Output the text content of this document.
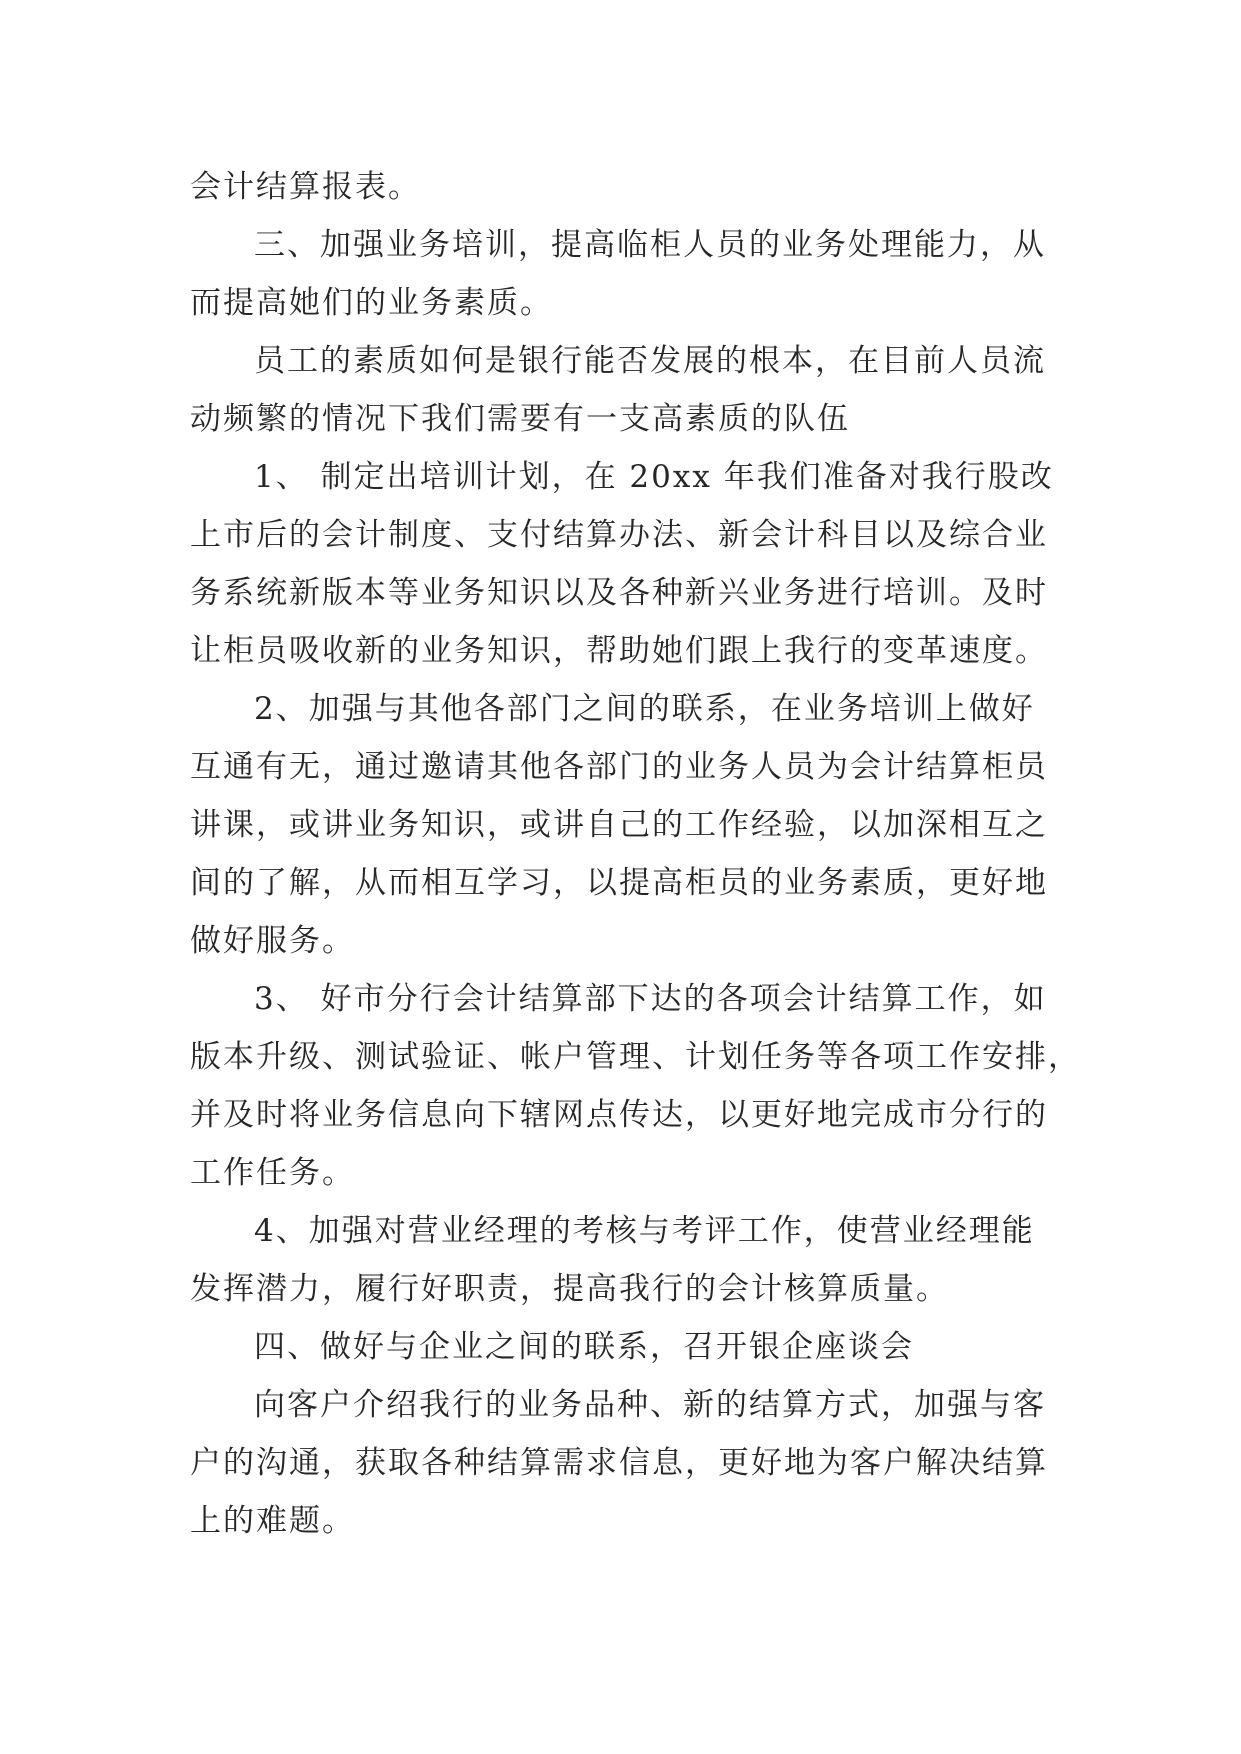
会计结算报表。
三、加强业务培训，提高临柜人员的业务处理能力，从
而提高她们的业务素质。
员工的素质如何是银行能否发展的根本，在目前人员流
动频繁的情况下我们需要有一支高素质的队伍
1、 制定出培训计划，在 20xx 年我们准备对我行股改
上市后的会计制度、支付结算办法、新会计科目以及综合业
务系统新版本等业务知识以及各种新兴业务进行培训。及时
让柜员吸收新的业务知识，帮助她们跟上我行的变革速度。
2、加强与其他各部门之间的联系，在业务培训上做好
互通有无，通过邀请其他各部门的业务人员为会计结算柜员
讲课，或讲业务知识，或讲自己的工作经验，以加深相互之
间的了解，从而相互学习，以提高柜员的业务素质，更好地
做好服务。
3、 好市分行会计结算部下达的各项会计结算工作，如
版本升级、测试验证、帐户管理、计划任务等各项工作安排，
并及时将业务信息向下辖网点传达，以更好地完成市分行的
工作任务。
4、加强对营业经理的考核与考评工作，使营业经理能
发挥潜力，履行好职责，提高我行的会计核算质量。
四、做好与企业之间的联系，召开银企座谈会
向客户介绍我行的业务品种、新的结算方式，加强与客
户的沟通，获取各种结算需求信息，更好地为客户解决结算
上的难题。
